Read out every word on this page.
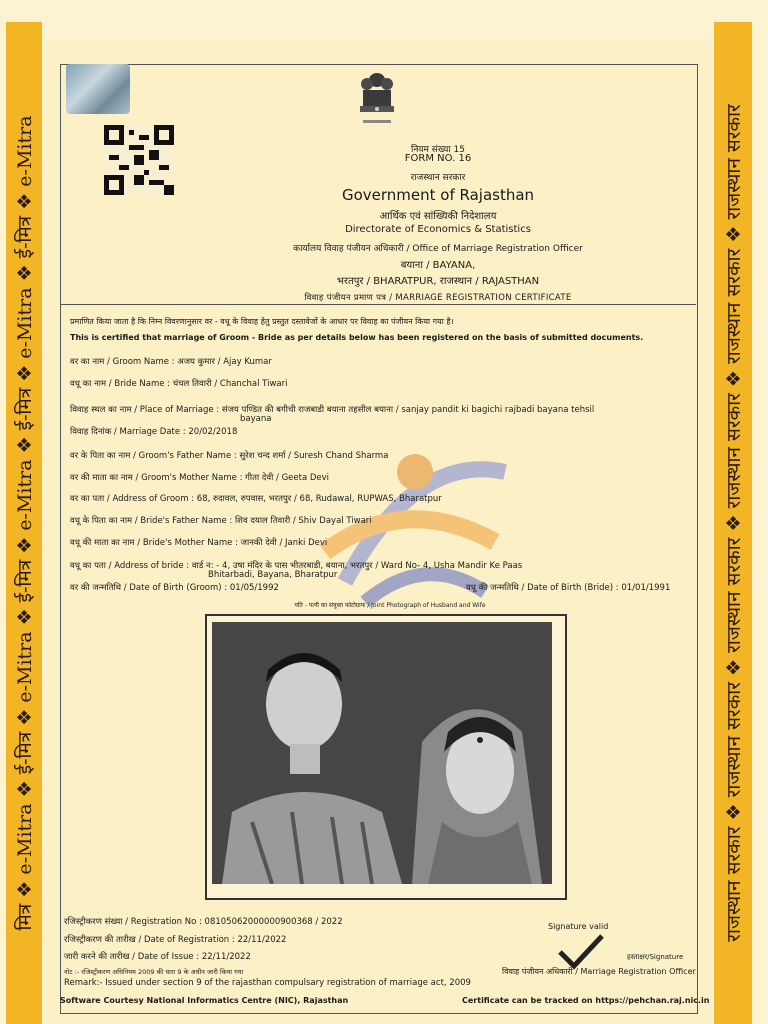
मित्र ❖ e-Mitra ❖ ई-मित्र ❖ e-Mitra ❖ ई-मित्र ❖ e-Mitra ❖ ई-मित्र ❖ e-Mitra ❖ ई-मित्र ❖ e-Mitra	राजस्थान सरकार ❖ राजस्थान सरकार ❖ राजस्थान सरकार ❖ राजस्थान सरकार ❖ राजस्थान सरकार ❖ राजस्थान सरकार
नियम संख्या 15
FORM NO. 16
राजस्थान सरकार
Government of Rajasthan
आर्थिक एवं सांख्यिकी निदेशालय
Directorate of Economics & Statistics
कार्यालय विवाह पंजीयन अधिकारी / Office of Marriage Registration Officer
बयाना / BAYANA,
भरतपुर / BHARATPUR, राजस्थान / RAJASTHAN
विवाह पंजीयन प्रमाण पत्र / MARRIAGE REGISTRATION CERTIFICATE
प्रमाणित किया जाता है कि निम्न विवरणानुसार वर - वधू के विवाह हेतु प्रस्तुत दस्तावेजों के आधार पर विवाह का पंजीयन किया गया है।
This is certified that marriage of Groom - Bride as per details below has been registered on the basis of submitted documents.
वर का नाम / Groom Name : अजय कुमार / Ajay Kumar
वधू का नाम / Bride Name : चंचल तिवारी / Chanchal Tiwari
विवाह स्थल का नाम / Place of Marriage : संजय पण्डित की बगीची राजबाडी बयाना तहसील बयाना / sanjay pandit ki bagichi rajbadi bayana tehsil
bayana
विवाह दिनांक / Marriage Date : 20/02/2018
वर के पिता का नाम / Groom's Father Name : सुरेश चन्द शर्मा / Suresh Chand Sharma
वर की माता का नाम / Groom's Mother Name : गीता देवी / Geeta Devi
वर का पता / Address of Groom : 68, रुदावल, रुपवास, भरतपुर / 68, Rudawal, RUPWAS, Bharatpur
वधू के पिता का नाम / Bride's Father Name : शिव दयाल तिवारी / Shiv Dayal Tiwari
वधू की माता का नाम / Bride's Mother Name : जानकी देवी / Janki Devi
वधू का पता / Address of bride : वार्ड न: - 4, उषा मंदिर के पास भीतरबाडी, बयाना, भरतपुर / Ward No- 4, Usha Mandir Ke Paas
Bhitarbadi, Bayana, Bharatpur
वर की जन्मतिथि / Date of Birth (Groom) : 01/05/1992	वधू की जन्मतिथि / Date of Birth (Bride) : 01/01/1991
पति - पत्नी का संयुक्त फोटोग्राफ / Joint Photograph of Husband and Wife
रजिस्ट्रीकरण संख्या / Registration No : 08105062000000900368 / 2022
रजिस्ट्रीकरण की तारीख / Date of Registration : 22/11/2022
जारी करने की तारीख / Date of Issue : 22/11/2022
नोट :- रजिस्ट्रीकरण अधिनियम 2009 की धारा 9 के अधीन जारी किया गया
Remark:- Issued under section 9 of the rajasthan compulsary registration of marriage act, 2009
Software Courtesy National Informatics Centre (NIC), Rajasthan	Certificate can be tracked on https://pehchan.raj.nic.in
Signature valid
हस्ताक्षर/Signature
विवाह पंजीयन अधिकारी / Marriage Registration Officer
